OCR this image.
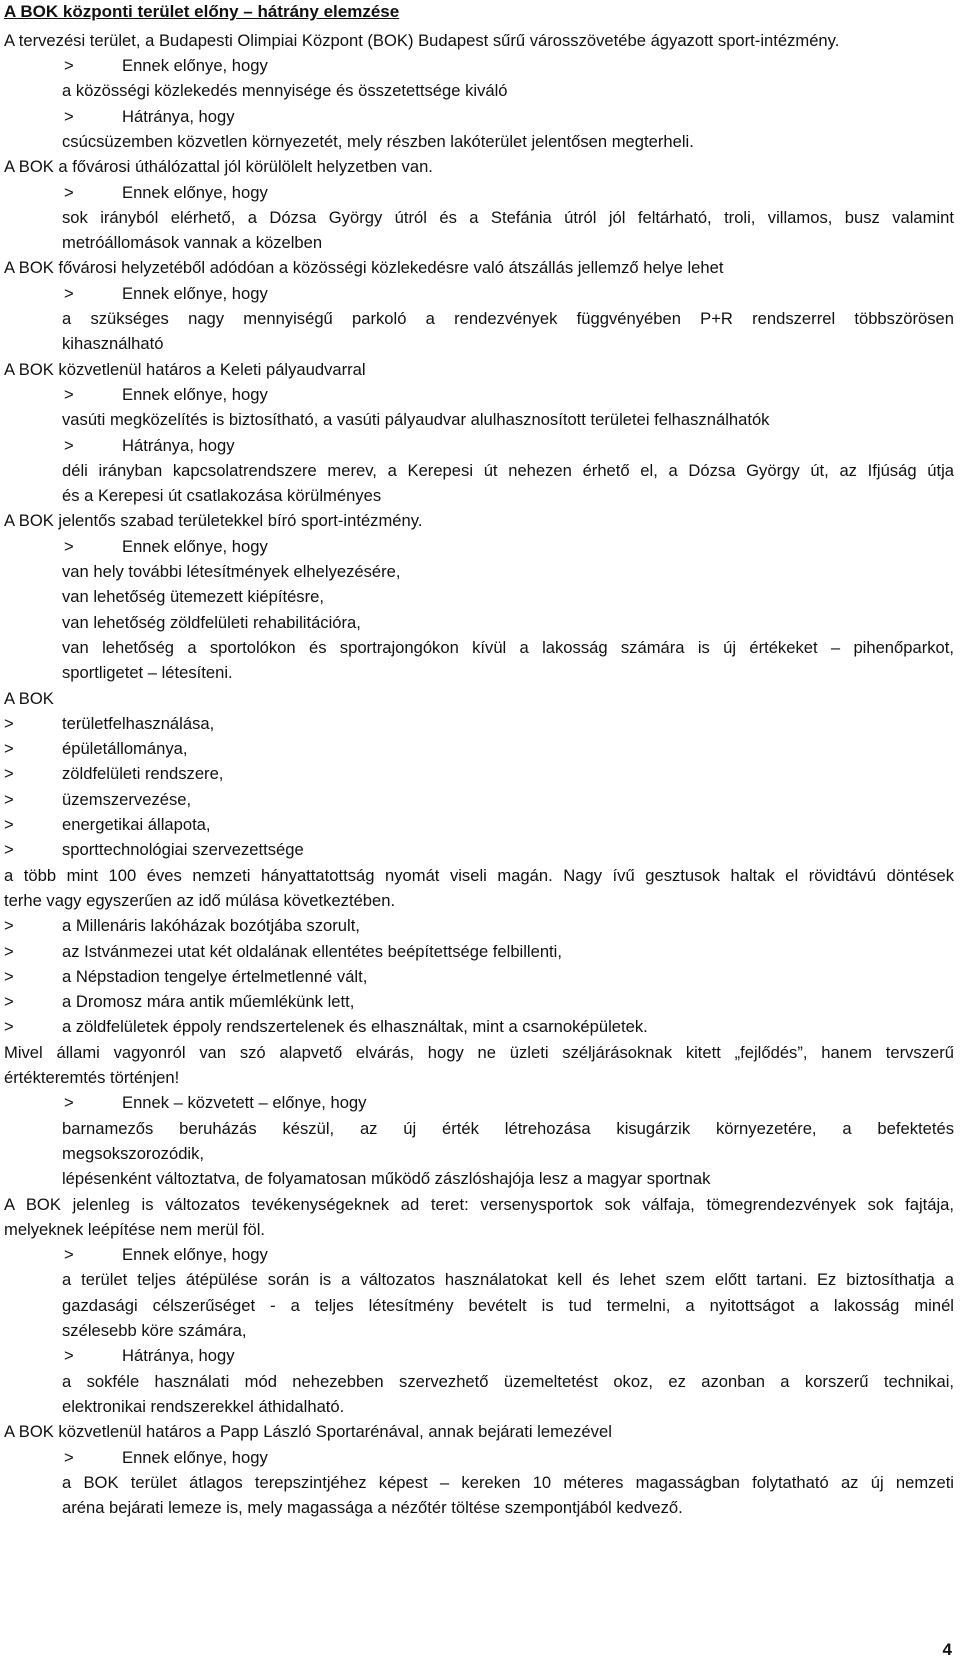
A BOK központi terület előny – hátrány elemzése
A tervezési terület, a Budapesti Olimpiai Központ (BOK) Budapest sűrű városszövetébe ágyazott sport-intézmény.
>	Ennek előnye, hogy
a közösségi közlekedés mennyisége és összetettsége kiváló
>	Hátránya, hogy
csúcsüzemben közvetlen környezetét, mely részben lakóterület jelentősen megterheli.
A BOK a fővárosi úthálózattal jól körülölelt helyzetben van.
>	Ennek előnye, hogy
sok irányból elérhető, a Dózsa György útról és a Stefánia útról jól feltárható, troli, villamos, busz valamint
metróállomások vannak a közelben
A BOK fővárosi helyzetéből adódóan a közösségi közlekedésre való átszállás jellemző helye lehet
>	Ennek előnye, hogy
a szükséges nagy mennyiségű parkoló a rendezvények függvényében P+R rendszerrel többszörösen
kihasználható
A BOK közvetlenül határos a Keleti pályaudvarral
>	Ennek előnye, hogy
vasúti megközelítés is biztosítható, a vasúti pályaudvar alulhasznosított területei felhasználhatók
>	Hátránya, hogy
déli irányban kapcsolatrendszere merev, a Kerepesi út nehezen érhető el, a Dózsa György út, az Ifjúság útja
és a Kerepesi út csatlakozása körülményes
A BOK jelentős szabad területekkel bíró sport-intézmény.
>	Ennek előnye, hogy
van hely további létesítmények elhelyezésére,
van lehetőség ütemezett kiépítésre,
van lehetőség zöldfelületi rehabilitációra,
van lehetőség a sportolókon és sportrajongókon kívül a lakosság számára is új értékeket – pihenőparkot,
sportligetet – létesíteni.
A BOK
>	területfelhasználása,
>	épületállománya,
>	zöldfelületi rendszere,
>	üzemszervezése,
>	energetikai állapota,
>	sporttechnológiai szervezettsége
a több mint 100 éves nemzeti hányattatottság nyomát viseli magán. Nagy ívű gesztusok haltak el rövidtávú döntések
terhe vagy egyszerűen az idő múlása következtében.
>	a Millenáris lakóházak bozótjába szorult,
>	az Istvánmezei utat két oldalának ellentétes beépítettsége felbillenti,
>	a Népstadion tengelye értelmetlenné vált,
>	a Dromosz mára antik műemlékünk lett,
>	a zöldfelületek éppoly rendszertelenek és elhasználtak, mint a csarnoképületek.
Mivel állami vagyonról van szó alapvető elvárás, hogy ne üzleti széljárásoknak kitett „fejlődés”, hanem tervszerű
értékteremtés történjen!
>	Ennek – közvetett – előnye, hogy
barnamezős beruházás készül, az új érték létrehozása kisugárzik környezetére, a befektetés
megsokszorozódik,
lépésenként változtatva, de folyamatosan működő zászlóshajója lesz a magyar sportnak
A BOK jelenleg is változatos tevékenységeknek ad teret: versenysportok sok válfaja, tömegrendezvények sok fajtája,
melyeknek leépítése nem merül föl.
>	Ennek előnye, hogy
a terület teljes átépülése során is a változatos használatokat kell és lehet szem előtt tartani. Ez biztosíthatja a
gazdasági célszerűséget - a teljes létesítmény bevételt is tud termelni, a nyitottságot a lakosság minél
szélesebb köre számára,
>	Hátránya, hogy
a sokféle használati mód nehezebben szervezhető üzemeltetést okoz, ez azonban a korszerű technikai,
elektronikai rendszerekkel áthidalható.
A BOK közvetlenül határos a Papp László Sportarénával, annak bejárati lemezével
>	Ennek előnye, hogy
a BOK terület átlagos terepszintjéhez képest – kereken 10 méteres magasságban folytatható az új nemzeti
aréna bejárati lemeze is, mely magassága a nézőtér töltése szempontjából kedvező.
4
